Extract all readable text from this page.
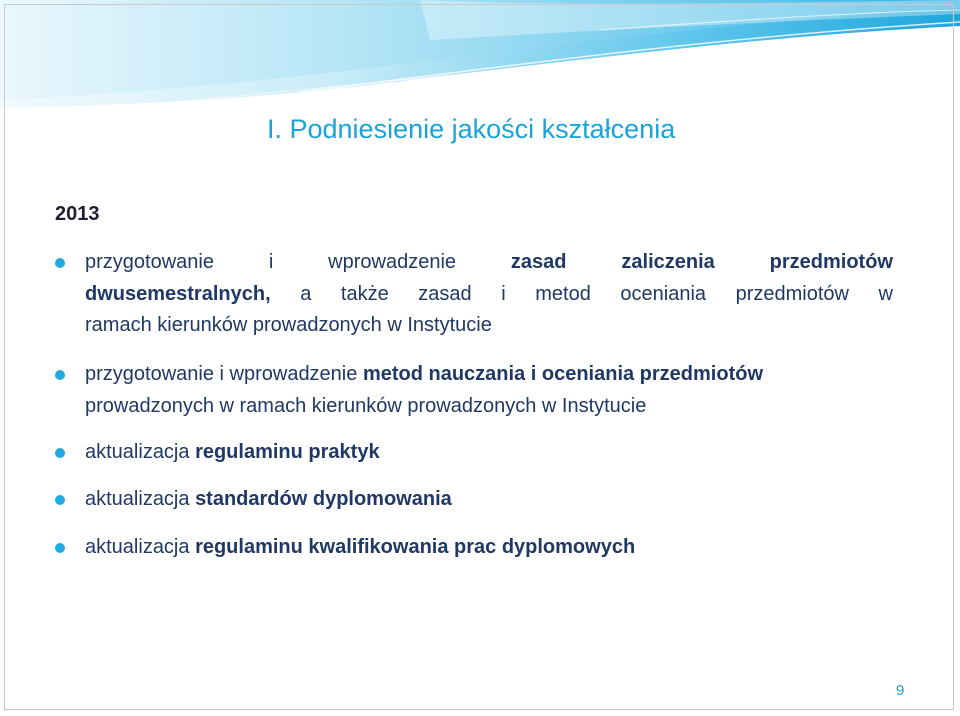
I. Podniesienie jakości kształcenia
2013
przygotowanie i wprowadzenie zasad zaliczenia przedmiotów
dwusemestralnych, a także zasad i metod oceniania przedmiotów w
ramach kierunków prowadzonych w Instytucie
przygotowanie i wprowadzenie metod nauczania i oceniania przedmiotów prowadzonych w ramach kierunków prowadzonych w Instytucie
aktualizacja regulaminu praktyk
aktualizacja standardów dyplomowania
aktualizacja regulaminu kwalifikowania prac dyplomowych
9
